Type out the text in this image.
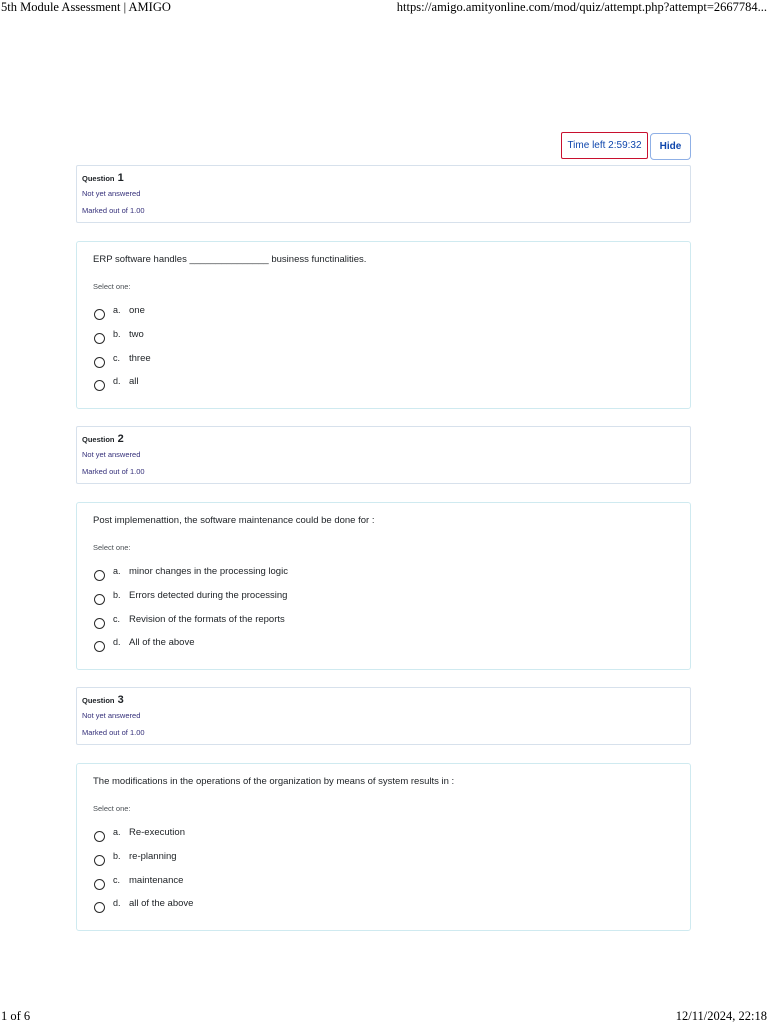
5th Module Assessment | AMIGO	https://amigo.amityonline.com/mod/quiz/attempt.php?attempt=2667784...
Time left 2:59:32	Hide
Question 1
Not yet answered
Marked out of 1.00
ERP software handles _______________ business functinalities.
Select one:
a. one
b. two
c. three
d. all
Question 2
Not yet answered
Marked out of 1.00
Post implemenattion, the software maintenance could be done for :
Select one:
a. minor changes in the processing logic
b. Errors detected during the processing
c. Revision of the formats of the reports
d. All of the above
Question 3
Not yet answered
Marked out of 1.00
The modifications in the operations of the organization by means of system results in :
Select one:
a. Re-execution
b. re-planning
c. maintenance
d. all of the above
1 of 6	12/11/2024, 22:18
